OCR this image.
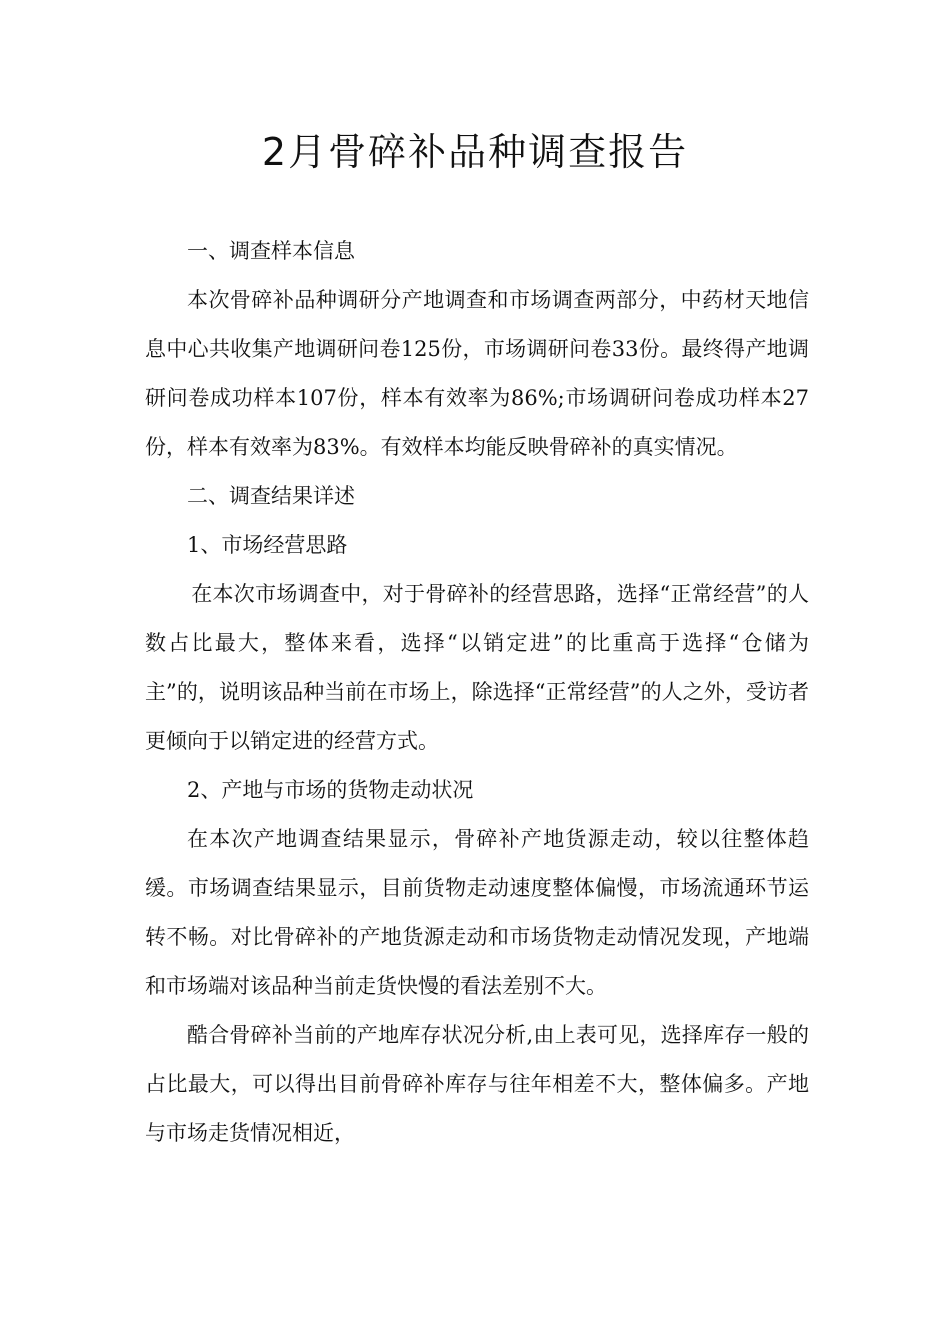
2月骨碎补品种调查报告

一、调查样本信息

本次骨碎补品种调研分产地调查和市场调查两部分，中药材天地信息中心共收集产地调研问卷125份，市场调研问卷33份。最终得产地调研问卷成功样本107份，样本有效率为86%;市场调研问卷成功样本27份，样本有效率为83%。有效样本均能反映骨碎补的真实情况。

二、调查结果详述

1、市场经营思路

在本次市场调查中，对于骨碎补的经营思路，选择“正常经营”的人数占比最大，整体来看，选择“以销定进”的比重高于选择“仓储为主”的，说明该品种当前在市场上，除选择“正常经营”的人之外，受访者更倾向于以销定进的经营方式。

2、产地与市场的货物走动状况

在本次产地调查结果显示，骨碎补产地货源走动，较以往整体趋缓。市场调查结果显示，目前货物走动速度整体偏慢，市场流通环节运转不畅。对比骨碎补的产地货源走动和市场货物走动情况发现，产地端和市场端对该品种当前走货快慢的看法差别不大。

酷合骨碎补当前的产地库存状况分析,由上表可见，选择库存一般的占比最大，可以得出目前骨碎补库存与往年相差不大，整体偏多。产地与市场走货情况相近，
